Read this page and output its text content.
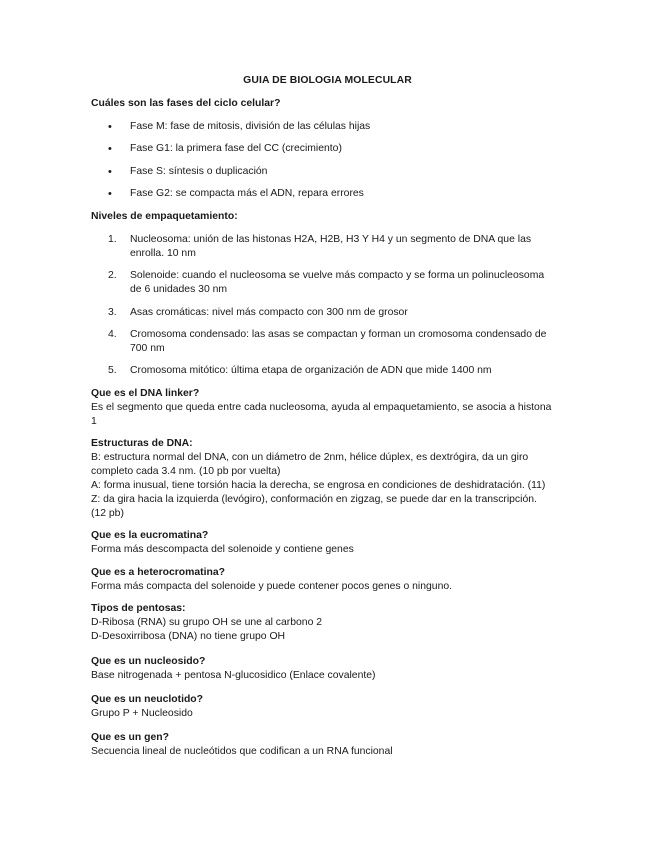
GUIA DE BIOLOGIA MOLECULAR
Cuáles son las fases del ciclo celular?
• Fase M: fase de mitosis, división de las células hijas
• Fase G1: la primera fase del CC (crecimiento)
• Fase S: síntesis o duplicación
• Fase G2: se compacta más el ADN, repara errores
Niveles de empaquetamiento:
1. Nucleosoma: unión de las histonas H2A, H2B, H3 Y H4 y un segmento de DNA que las
enrolla. 10 nm
2. Solenoide: cuando el nucleosoma se vuelve más compacto y se forma un polinucleosoma
de 6 unidades 30 nm
3. Asas cromáticas: nivel más compacto con 300 nm de grosor
4. Cromosoma condensado: las asas se compactan y forman un cromosoma condensado de
700 nm
5. Cromosoma mitótico: última etapa de organización de ADN que mide 1400 nm
Que es el DNA linker?
Es el segmento que queda entre cada nucleosoma, ayuda al empaquetamiento, se asocia a histona
1
Estructuras de DNA:
B: estructura normal del DNA, con un diámetro de 2nm, hélice dúplex, es dextrógira, da un giro
completo cada 3.4 nm. (10 pb por vuelta)
A: forma inusual, tiene torsión hacia la derecha, se engrosa en condiciones de deshidratación. (11)
Z: da gira hacia la izquierda (levógiro), conformación en zigzag, se puede dar en la transcripción.
(12 pb)
Que es la eucromatina?
Forma más descompacta del solenoide y contiene genes
Que es a heterocromatina?
Forma más compacta del solenoide y puede contener pocos genes o ninguno.
Tipos de pentosas:
D-Ribosa (RNA) su grupo OH se une al carbono 2
D-Desoxirribosa (DNA) no tiene grupo OH
Que es un nucleosido?
Base nitrogenada + pentosa N-glucosidico (Enlace covalente)
Que es un neuclotido?
Grupo P + Nucleosido
Que es un gen?
Secuencia lineal de nucleótidos que codifican a un RNA funcional
